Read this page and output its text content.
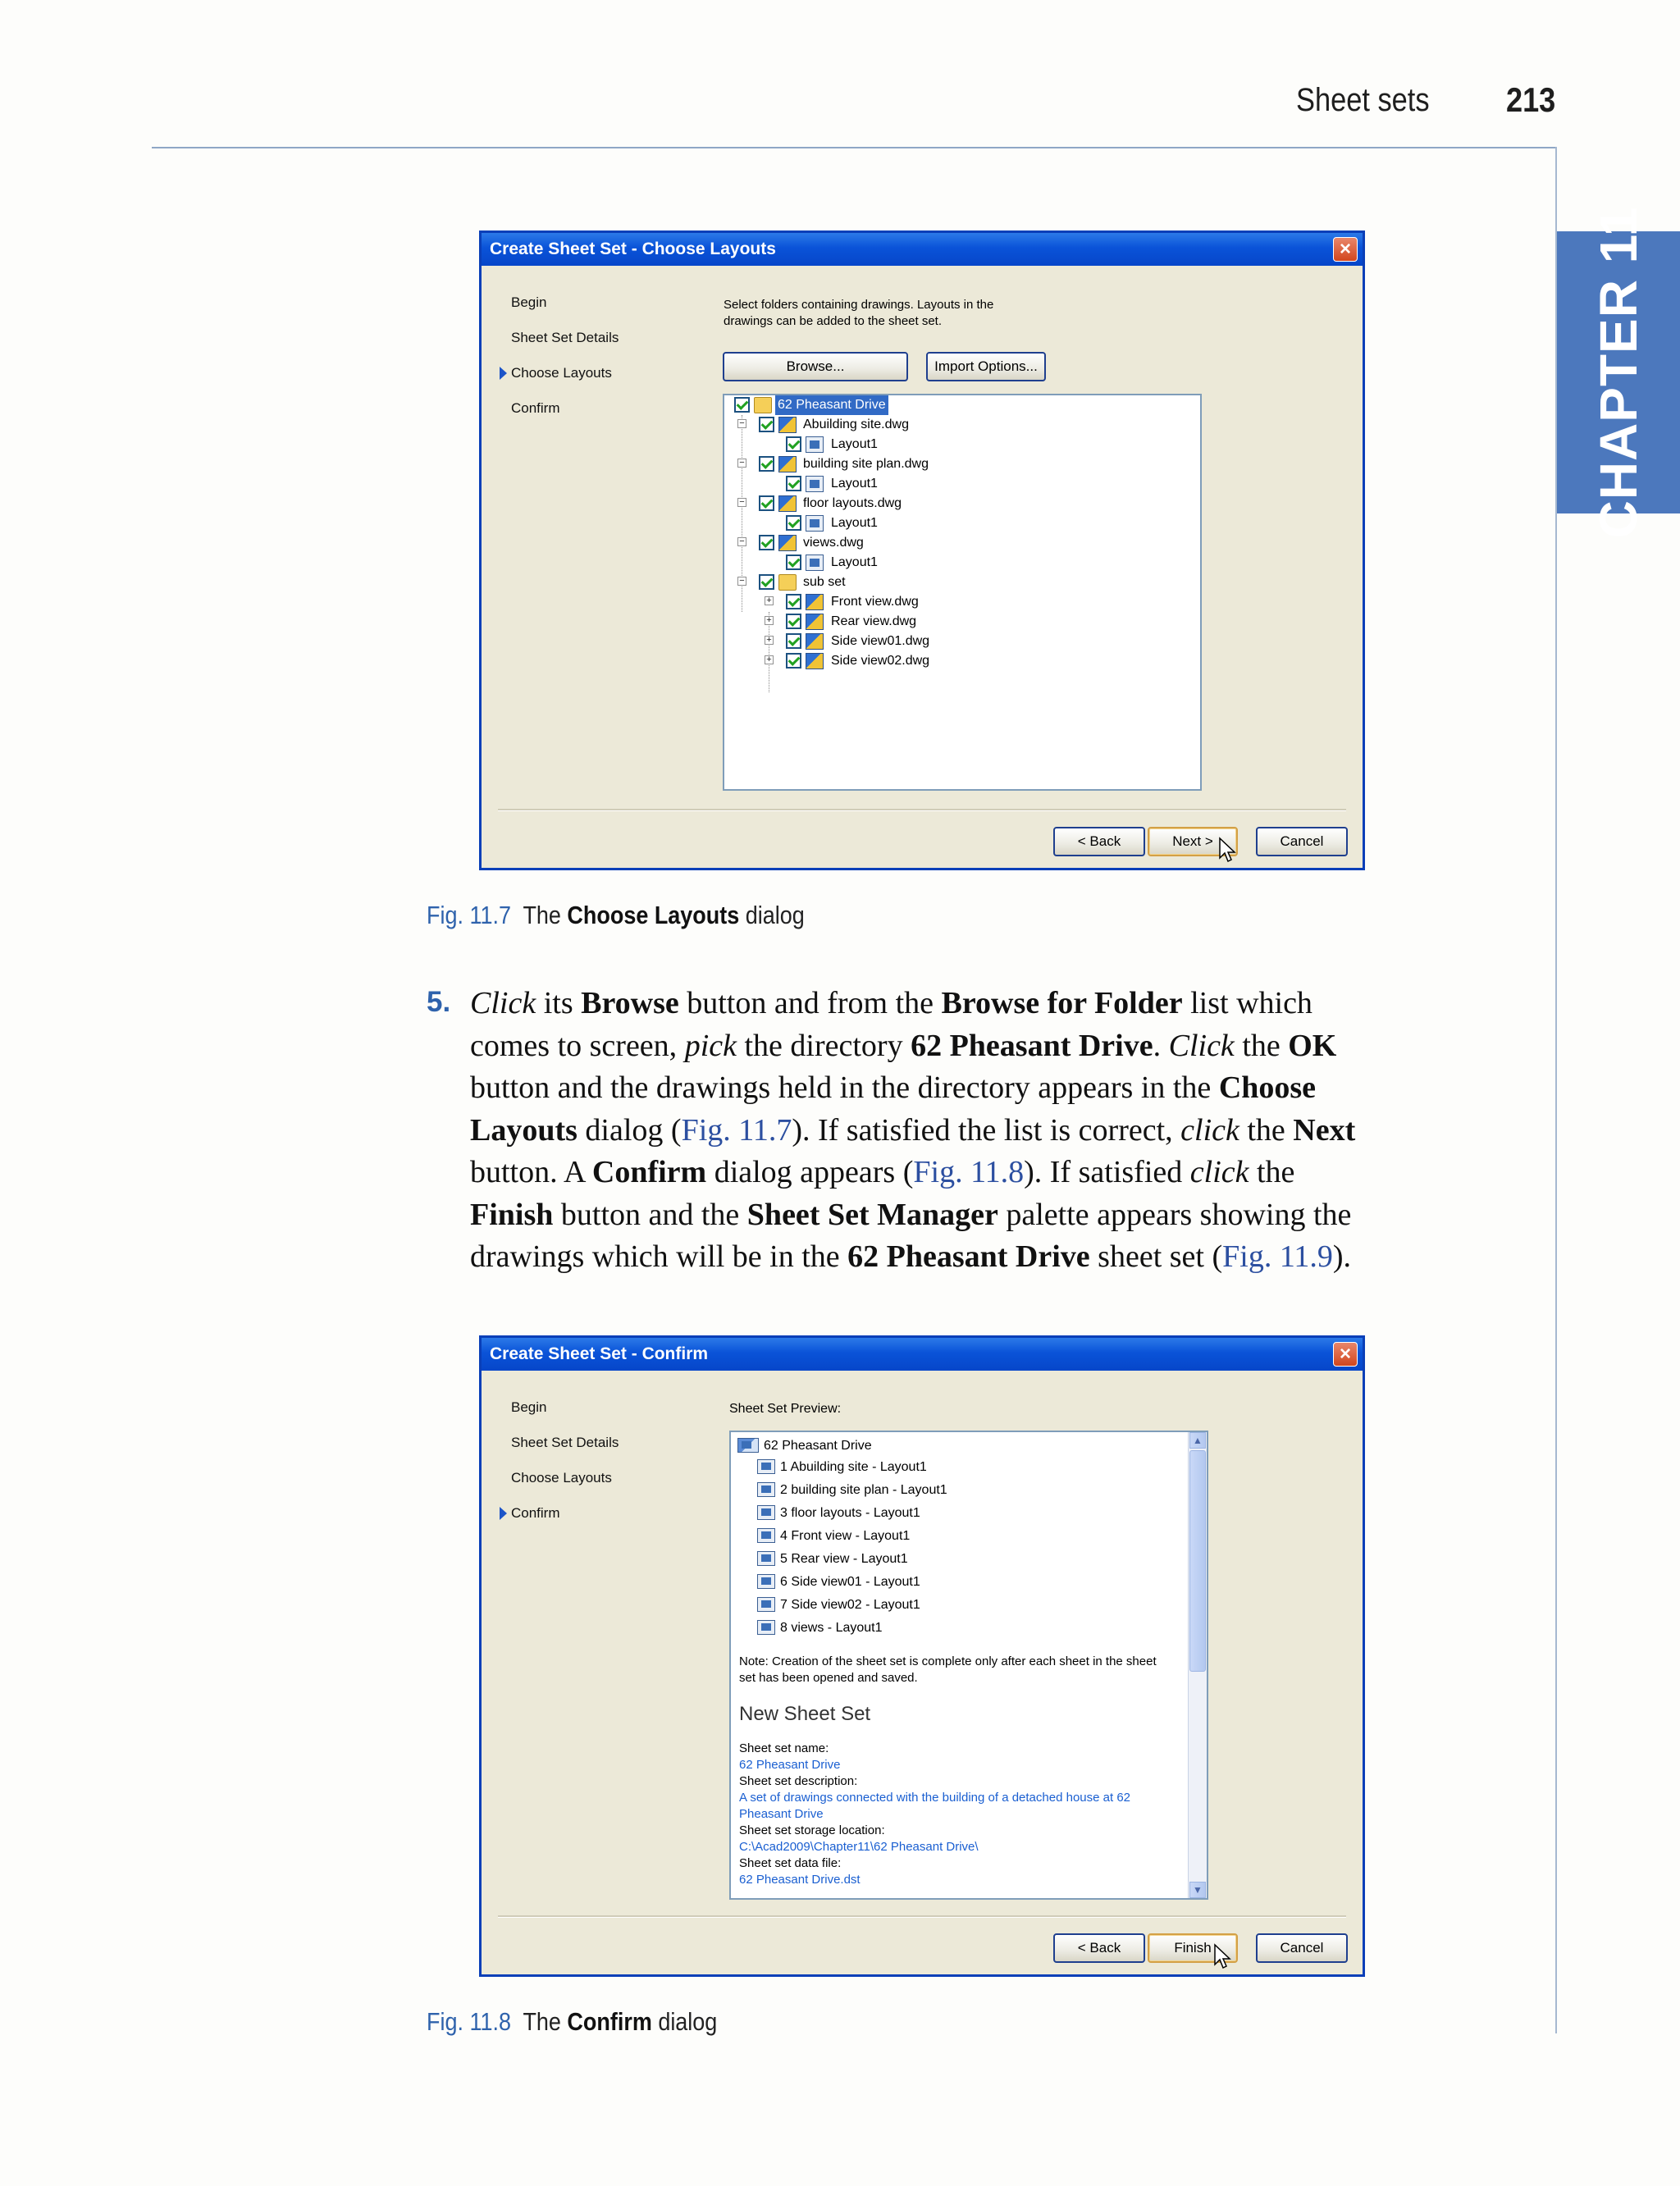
Sheet sets 213
CHAPTER 11
Create Sheet Set - Choose Layouts	×
Begin
Sheet Set Details
Choose Layouts
Confirm
Select folders containing drawings. Layouts in the drawings can be added to the sheet set.
Browse...	Import Options...
62 Pheasant Drive
−	Abuilding site.dwg
Layout1
−	building site plan.dwg
Layout1
−	floor layouts.dwg
Layout1
−	views.dwg
Layout1
−	sub set
+	Front view.dwg
+	Rear view.dwg
+	Side view01.dwg
+	Side view02.dwg
< Back	Next >	Cancel
Fig. 11.7 The Choose Layouts dialog
5. Click its Browse button and from the Browse for Folder list which
comes to screen, pick the directory 62 Pheasant Drive. Click the OK
button and the drawings held in the directory appears in the Choose
Layouts dialog (Fig. 11.7). If satisfied the list is correct, click the Next
button. A Confirm dialog appears (Fig. 11.8). If satisfied click the
Finish button and the Sheet Set Manager palette appears showing the
drawings which will be in the 62 Pheasant Drive sheet set (Fig. 11.9).
Create Sheet Set - Confirm	×
Begin
Sheet Set Details
Choose Layouts
Confirm
Sheet Set Preview:
62 Pheasant Drive
1 Abuilding site - Layout1
2 building site plan - Layout1
3 floor layouts - Layout1
4 Front view - Layout1
5 Rear view - Layout1
6 Side view01 - Layout1
7 Side view02 - Layout1
8 views - Layout1
Note: Creation of the sheet set is complete only after each sheet in the sheet set has been opened and saved.
New Sheet Set
Sheet set name:
62 Pheasant Drive
Sheet set description:
A set of drawings connected with the building of a detached house at 62
Pheasant Drive
Sheet set storage location:
C:\Acad2009\Chapter11\62 Pheasant Drive\
Sheet set data file:
62 Pheasant Drive.dst
▲
▼
< Back	Finish	Cancel
Fig. 11.8 The Confirm dialog
